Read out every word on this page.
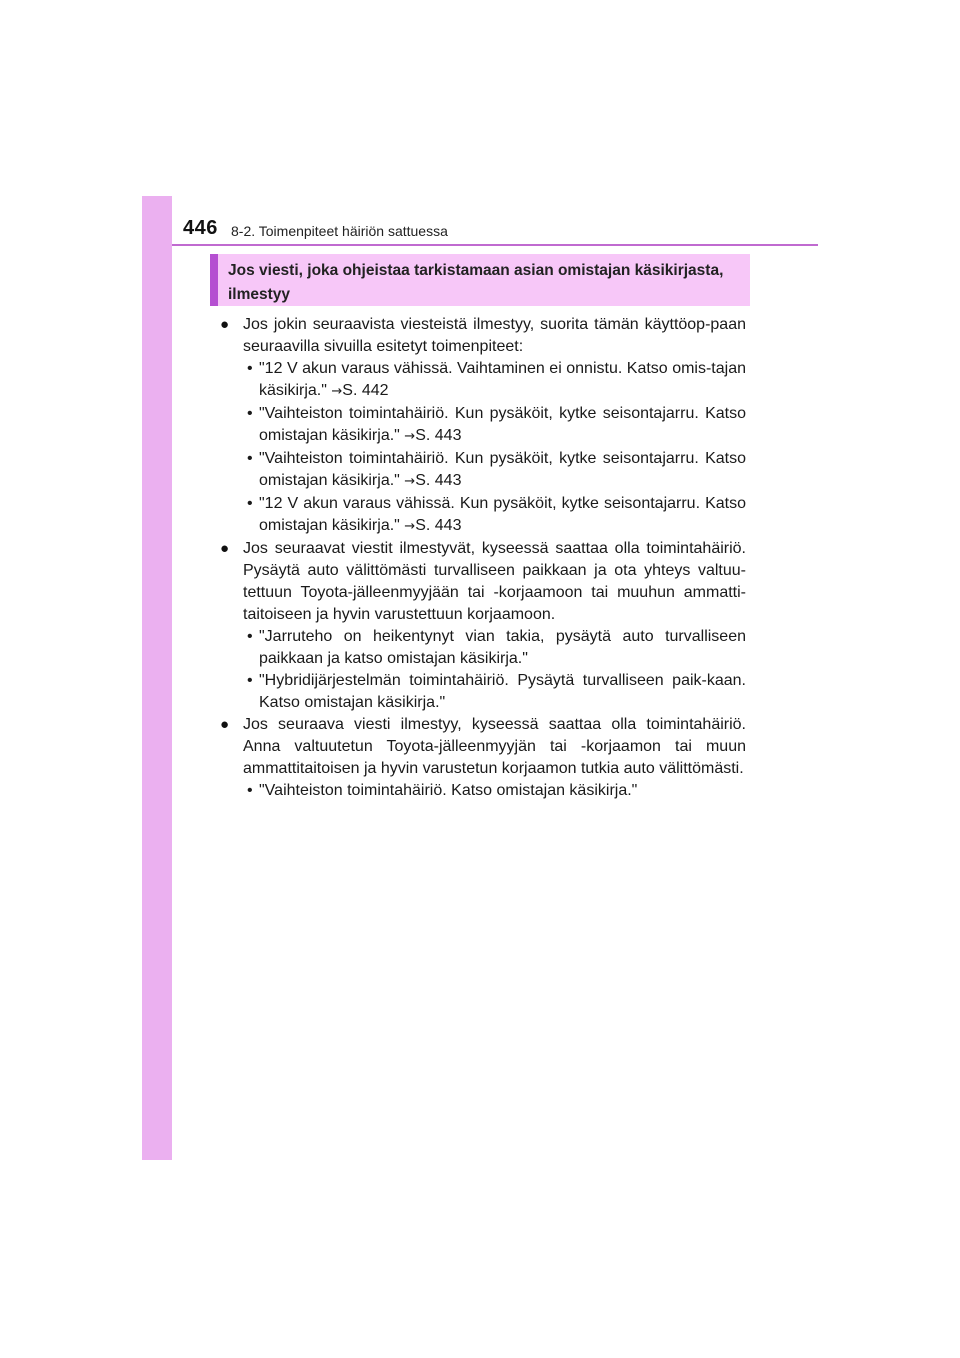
446 8-2. Toimenpiteet häiriön sattuessa
Jos viesti, joka ohjeistaa tarkistamaan asian omistajan käsikirjasta, ilmestyy
● Jos jokin seuraavista viesteistä ilmestyy, suorita tämän käyttöop-paan seuraavilla sivuilla esitetyt toimenpiteet:
• "12 V akun varaus vähissä. Vaihtaminen ei onnistu. Katso omis-tajan käsikirja." →S. 442
• "Vaihteiston toimintahäiriö. Kun pysäköit, kytke seisontajarru. Katso omistajan käsikirja." →S. 443
• "Vaihteiston toimintahäiriö. Kun pysäköit, kytke seisontajarru. Katso omistajan käsikirja." →S. 443
• "12 V akun varaus vähissä. Kun pysäköit, kytke seisontajarru. Katso omistajan käsikirja." →S. 443
● Jos seuraavat viestit ilmestyvät, kyseessä saattaa olla toimintahäiriö. Pysäytä auto välittömästi turvalliseen paikkaan ja ota yhteys valtuu-tettuun Toyota-jälleenmyyjään tai -korjaamoon tai muuhun ammatti-taitoiseen ja hyvin varustettuun korjaamoon.
• "Jarruteho on heikentynyt vian takia, pysäytä auto turvalliseen paikkaan ja katso omistajan käsikirja."
• "Hybridijärjestelmän toimintahäiriö. Pysäytä turvalliseen paik-kaan. Katso omistajan käsikirja."
● Jos seuraava viesti ilmestyy, kyseessä saattaa olla toimintahäiriö. Anna valtuutetun Toyota-jälleenmyyjän tai -korjaamon tai muun ammattitaitoisen ja hyvin varustetun korjaamon tutkia auto välittömästi.
• "Vaihteiston toimintahäiriö. Katso omistajan käsikirja."
